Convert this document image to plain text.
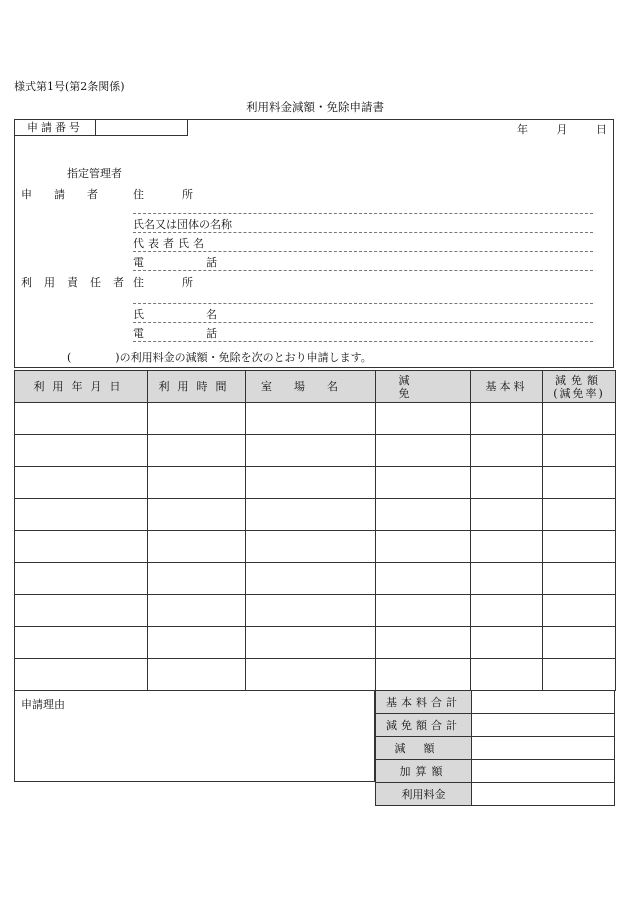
様式第1号(第2条関係)
利用料金減額・免除申請書
申請番号	年	月	日
指定管理者
申請者	住所
氏名又は団体の名称
代表者氏名
電話
利用責任者
住所
氏名
電話
(　　　　)の利用料金の減額・免除を次のとおり申請します。
利用年月日	利用時間	室場名	減免	基本料	減免額
(減免率)

申請理由	基本料合計	
減免額合計	
減額	
加算額	
利用料金	
